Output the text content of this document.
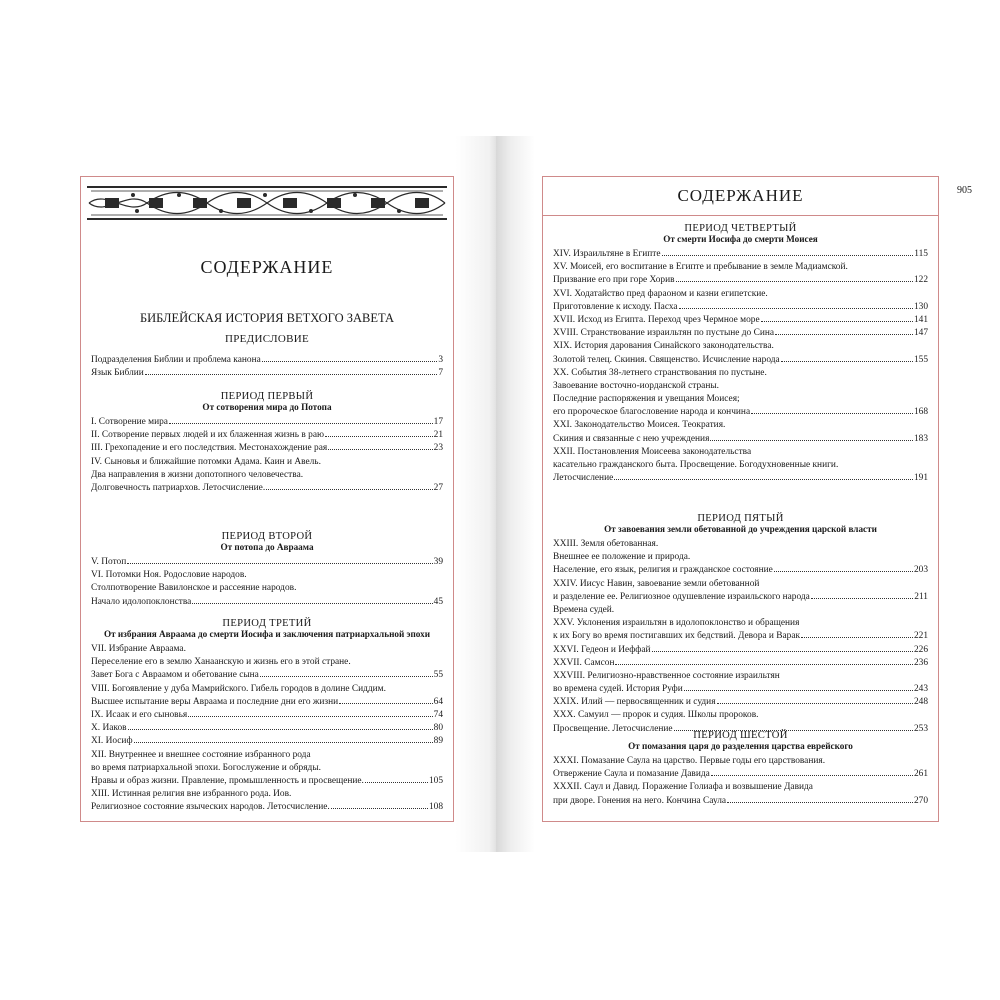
СОДЕРЖАНИЕ

БИБЛЕЙСКАЯ ИСТОРИЯ ВЕТХОГО ЗАВЕТА

ПРЕДИСЛОВИЕ

Подразделения Библии и проблема канона	3
Язык Библии	7

ПЕРИОД ПЕРВЫЙ

От сотворения мира до Потопа

I. Сотворение мира	17
II. Сотворение первых людей и их блаженная жизнь в раю	21
III. Грехопадение и его последствия. Местонахождение рая	23
IV. Сыновья и ближайшие потомки Адама. Каин и Авель.
Два направления в жизни допотопного человечества.
Долговечность патриархов. Летосчисление.	27

ПЕРИОД ВТОРОЙ

От потопа до Авраама

V. Потоп	39
VI. Потомки Ноя. Родословие народов.
Столпотворение Вавилонское и рассеяние народов.
Начало идолопоклонства	45

ПЕРИОД ТРЕТИЙ

От избрания Авраама до смерти Иосифа и заключения патриархальной эпохи

VII. Избрание Авраама.
Переселение его в землю Ханаанскую и жизнь его в этой стране.
Завет Бога с Авраамом и обетование сына	55
VIII. Богоявление у дуба Мамрийского. Гибель городов в долине Сиддим.
Высшее испытание веры Авраама и последние дни его жизни	64
IX. Исаак и его сыновья	74
X. Иаков	80
XI. Иосиф	89
XII. Внутреннее и внешнее состояние избранного рода
во время патриархальной эпохи. Богослужение и обряды.
Нравы и образ жизни. Правление, промышленность и просвещение.	105
XIII. Истинная религия вне избранного рода. Иов.
Религиозное состояние языческих народов. Летосчисление.	108
СОДЕРЖАНИЕ	905

ПЕРИОД ЧЕТВЕРТЫЙ

От смерти Иосифа до смерти Моисея

XIV. Израильтяне в Египте	115
XV. Моисей, его воспитание в Египте и пребывание в земле Мадиамской.
Призвание его при горе Хорив	122
XVI. Ходатайство пред фараоном и казни египетские.
Приготовление к исходу. Пасха	130
XVII. Исход из Египта. Переход чрез Чермное море	141
XVIII. Странствование израильтян по пустыне до Сина	147
XIX. История дарования Синайского законодательства.
Золотой телец. Скиния. Священство. Исчисление народа	155
XX. События 38-летнего странствования по пустыне.
Завоевание восточно-иорданской страны.
Последние распоряжения и увещания Моисея;
его пророческое благословение народа и кончина	168
XXI. Законодательство Моисея. Теократия.
Скиния и связанные с нею учреждения	183
XXII. Постановления Моисеева законодательства
касательно гражданского быта. Просвещение. Богодухновенные книги.
Летосчисление	191

ПЕРИОД ПЯТЫЙ

От завоевания земли обетованной до учреждения царской власти

XXIII. Земля обетованная.
Внешнее ее положение и природа.
Население, его язык, религия и гражданское состояние	203
XXIV. Иисус Навин, завоевание земли обетованной
и разделение ее. Религиозное одушевление израильского народа	211
Времена судей.
XXV. Уклонения израильтян в идолопоклонство и обращения
к их Богу во время постигавших их бедствий. Девора и Варак	221
XXVI. Гедеон и Иеффай	226
XXVII. Самсон	236
XXVIII. Религиозно-нравственное состояние израильтян
во времена судей. История Руфи	243
XXIX. Илий — первосвященник и судия	248
XXX. Самуил — пророк и судия. Школы пророков.
Просвещение. Летосчисление	253

ПЕРИОД ШЕСТОЙ

От помазания царя до разделения царства еврейского

XXXI. Помазание Саула на царство. Первые годы его царствования.
Отвержение Саула и помазание Давида	261
XXXII. Саул и Давид. Поражение Голиафа и возвышение Давида
при дворе. Гонения на него. Кончина Саула	270
